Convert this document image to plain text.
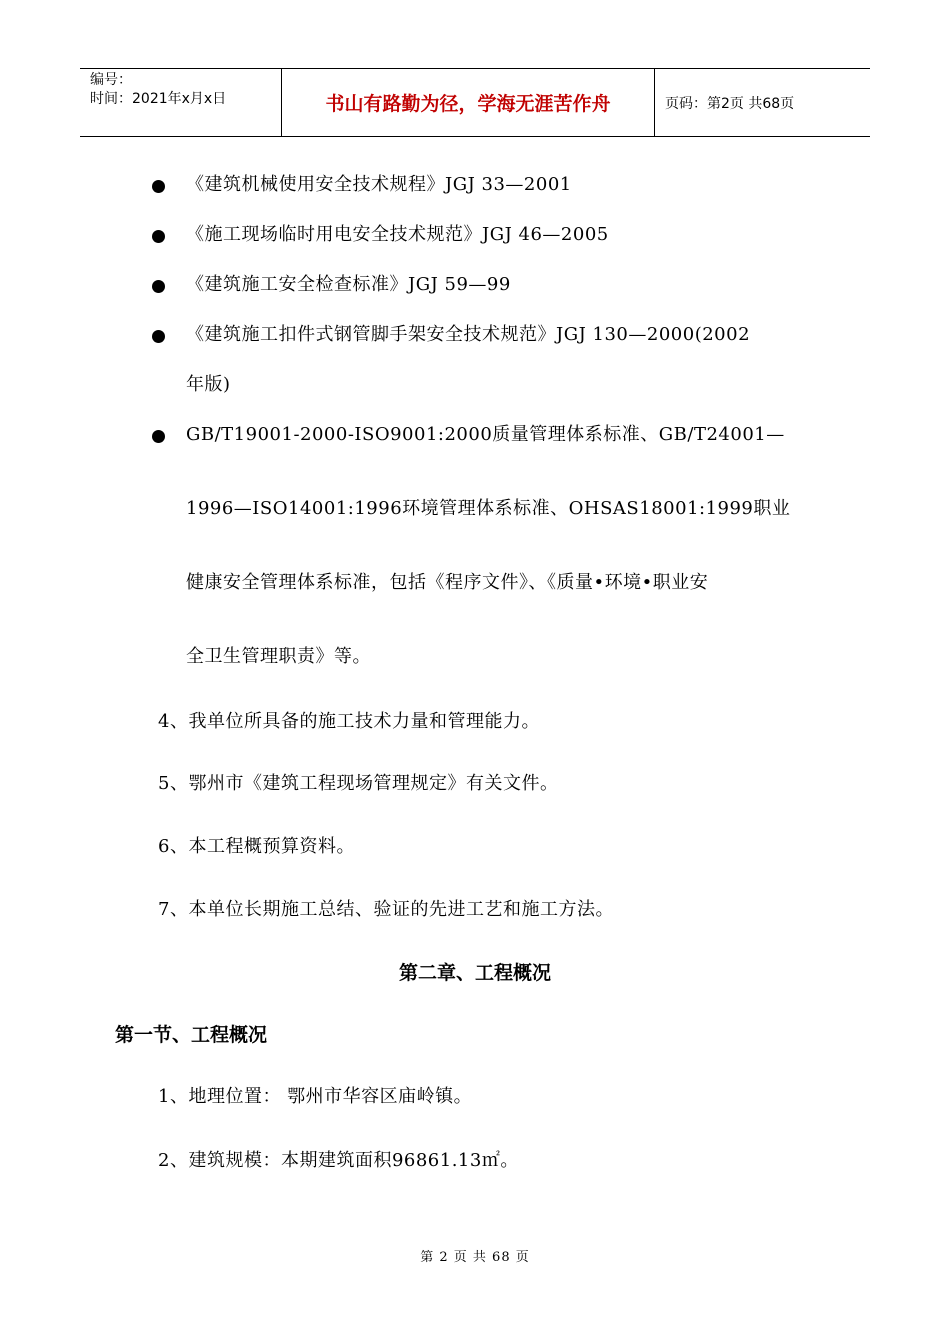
编号：
时间：2021年x月x日	书山有路勤为径，学海无涯苦作舟	页码：第2页 共68页
《建筑机械使用安全技术规程》JGJ 33—2001
《施工现场临时用电安全技术规范》JGJ 46—2005
《建筑施工安全检查标准》JGJ 59—99
《建筑施工扣件式钢管脚手架安全技术规范》JGJ 130—2000(2002
年版)
GB/T19001-2000-ISO9001:2000质量管理体系标准、GB/T24001—
1996—ISO14001:1996环境管理体系标准、OHSAS18001:1999职业
健康安全管理体系标准，包括《程序文件》、《质量•环境•职业安
全卫生管理职责》等。
4、我单位所具备的施工技术力量和管理能力。
5、鄂州市《建筑工程现场管理规定》有关文件。
6、本工程概预算资料。
7、本单位长期施工总结、验证的先进工艺和施工方法。
第二章、工程概况
第一节、工程概况
1、地理位置： 鄂州市华容区庙岭镇。
2、建筑规模：本期建筑面积96861.13㎡。
第 2 页 共 68 页
